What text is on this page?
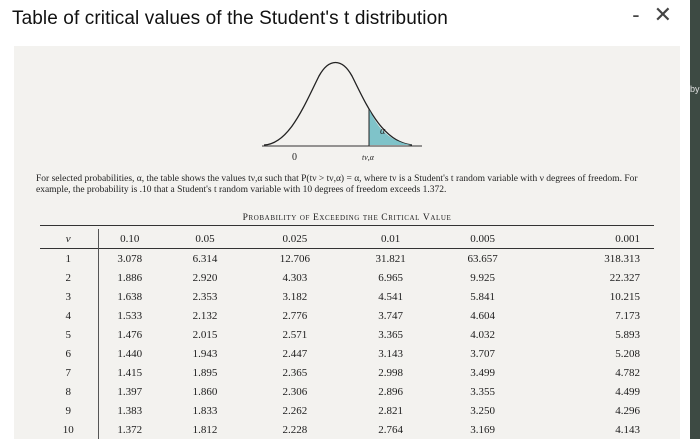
Table of critical values of the Student's t distribution	- ✕
α
0	tν,α
For selected probabilities, α, the table shows the values tν,α such that P(tν > tν,α) = α, where tν is a Student's t random variable with ν degrees of freedom. For example, the probability is .10 that a Student's t random variable with 10 degrees of freedom exceeds 1.372.
Probability of Exceeding the Critical Value
ν	0.10	0.05	0.025	0.01	0.005	0.001
1	3.078	6.314	12.706	31.821	63.657	318.313
2	1.886	2.920	4.303	6.965	9.925	22.327
3	1.638	2.353	3.182	4.541	5.841	10.215
4	1.533	2.132	2.776	3.747	4.604	7.173
5	1.476	2.015	2.571	3.365	4.032	5.893
6	1.440	1.943	2.447	3.143	3.707	5.208
7	1.415	1.895	2.365	2.998	3.499	4.782
8	1.397	1.860	2.306	2.896	3.355	4.499
9	1.383	1.833	2.262	2.821	3.250	4.296
10	1.372	1.812	2.228	2.764	3.169	4.143
by
